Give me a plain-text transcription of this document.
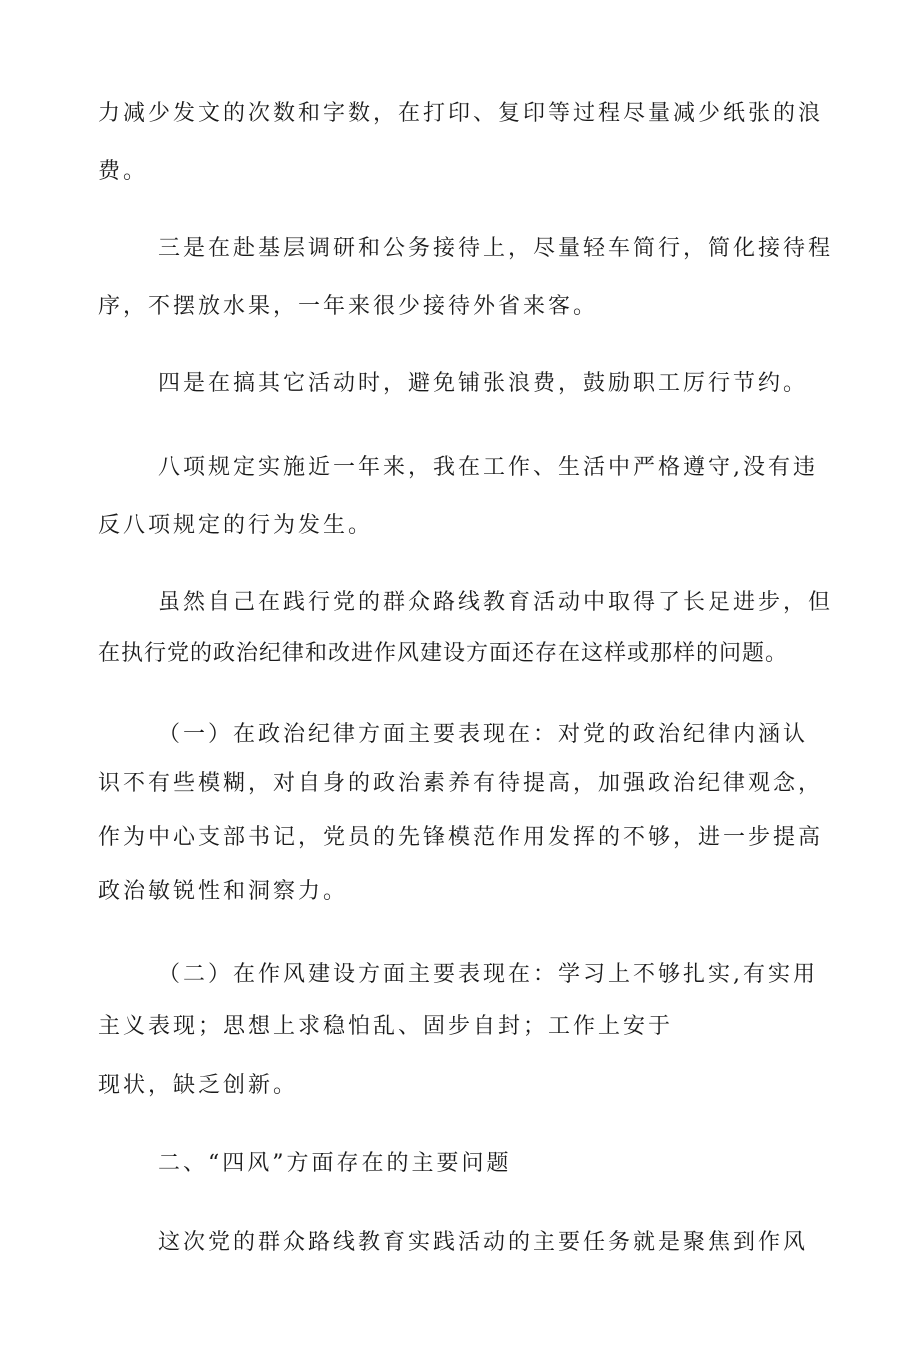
力减少发文的次数和字数，在打印、复印等过程尽量减少纸张的浪
费。
三是在赴基层调研和公务接待上，尽量轻车简行，简化接待程
序，不摆放水果，一年来很少接待外省来客。
四是在搞其它活动时，避免铺张浪费，鼓励职工厉行节约。
八项规定实施近一年来，我在工作、生活中严格遵守,没有违
反八项规定的行为发生。
虽然自己在践行党的群众路线教育活动中取得了长足进步，但
在执行党的政治纪律和改进作风建设方面还存在这样或那样的问题。
（一）在政治纪律方面主要表现在：对党的政治纪律内涵认
识不有些模糊，对自身的政治素养有待提高，加强政治纪律观念，
作为中心支部书记，党员的先锋模范作用发挥的不够，进一步提高
政治敏锐性和洞察力。
（二）在作风建设方面主要表现在：学习上不够扎实,有实用
主义表现；思想上求稳怕乱、固步自封；工作上安于
现状，缺乏创新。
二、“四风”方面存在的主要问题
这次党的群众路线教育实践活动的主要任务就是聚焦到作风
